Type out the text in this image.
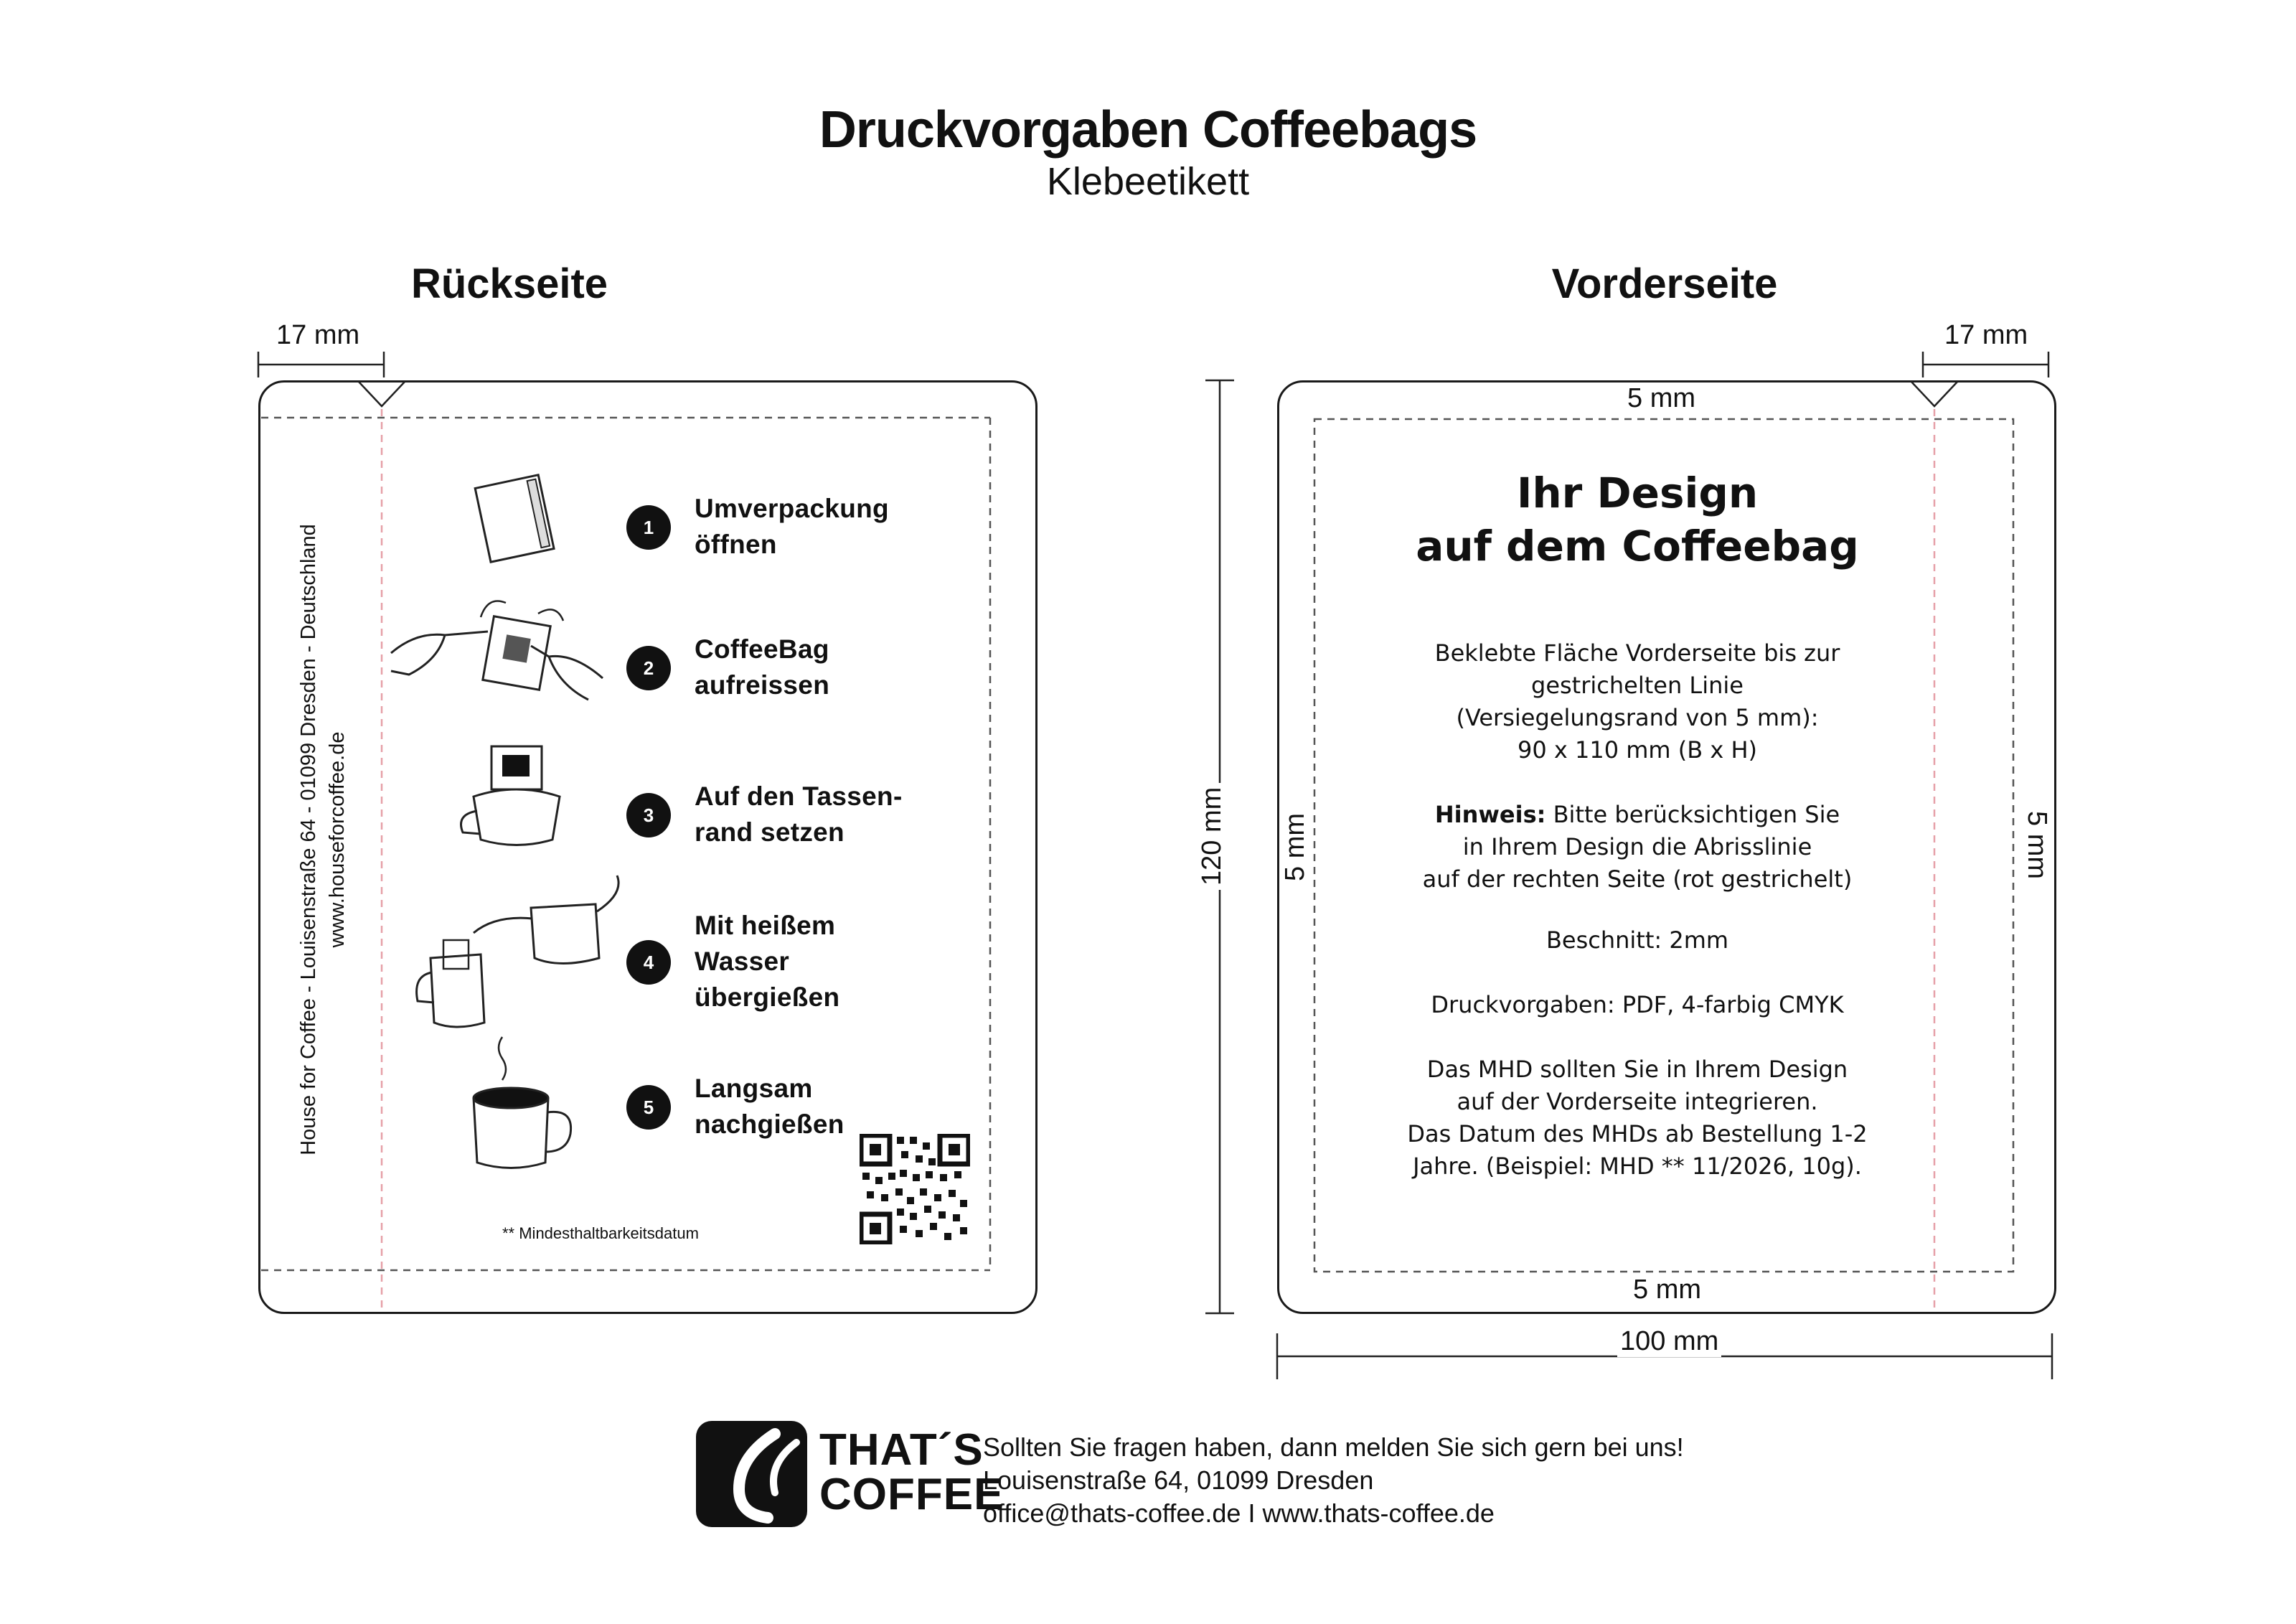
Druckvorgaben Coffeebags
Klebeetikett
Rückseite
17 mm
House for Coffee - Louisenstraße 64 - 01099 Dresden - Deutschland www.houseforcoffee.de
1
Umverpackung
öffnen
2
CoffeeBag
aufreissen
3
Auf den Tassen-
rand setzen
4
Mit heißem
Wasser
übergießen
5
Langsam
nachgießen
** Mindesthaltbarkeitsdatum
Vorderseite
17 mm
120 mm
5 mm
5 mm
5 mm	5 mm
Ihr Design
auf dem Coffeebag
Beklebte Fläche Vorderseite bis zur
gestrichelten Linie
(Versiegelungsrand von 5 mm):
90 x 110 mm (B x H)
Hinweis: Bitte berücksichtigen Sie
in Ihrem Design die Abrisslinie
auf der rechten Seite (rot gestrichelt)
Beschnitt: 2mm
Druckvorgaben: PDF, 4-farbig CMYK
Das MHD sollten Sie in Ihrem Design
auf der Vorderseite integrieren.
Das Datum des MHDs ab Bestellung 1-2
Jahre. (Beispiel: MHD ** 11/2026, 10g).
100 mm
THAT´S
COFFEE
Sollten Sie fragen haben, dann melden Sie sich gern bei uns!
Louisenstraße 64, 01099 Dresden
office@thats-coffee.de I www.thats-coffee.de
